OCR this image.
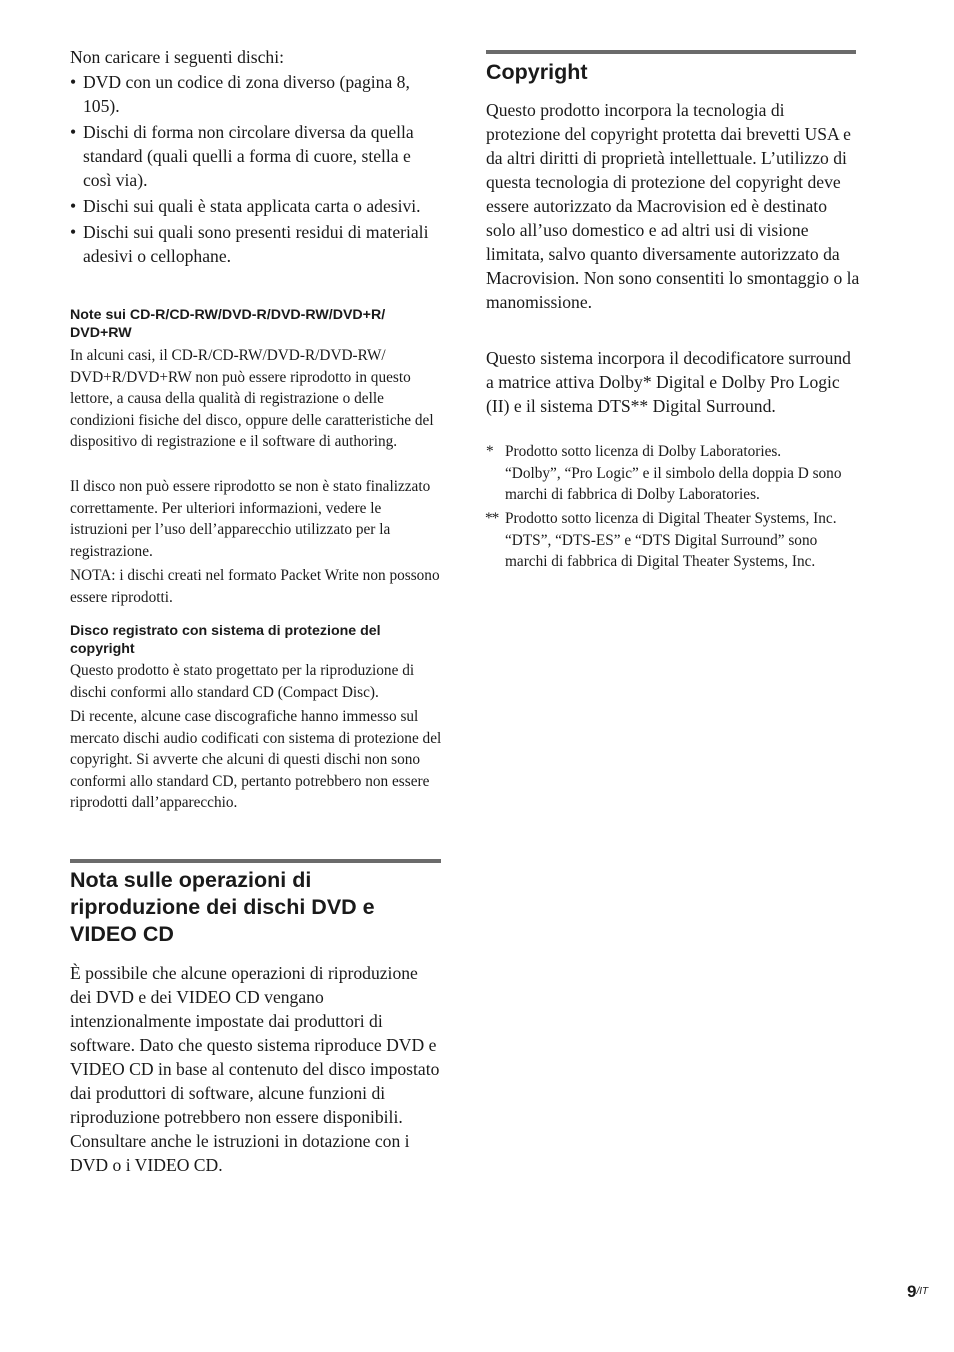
Non caricare i seguenti dischi:

• DVD con un codice di zona diverso (pagina 8, 105).
• Dischi di forma non circolare diversa da quella standard (quali quelli a forma di cuore, stella e così via).
• Dischi sui quali è stata applicata carta o adesivi.
• Dischi sui quali sono presenti residui di materiali adesivi o cellophane.
Note sui CD-R/CD-RW/DVD-R/DVD-RW/DVD+R/ DVD+RW

In alcuni casi, il CD-R/CD-RW/DVD-R/DVD-RW/ DVD+R/DVD+RW non può essere riprodotto in questo lettore, a causa della qualità di registrazione o delle condizioni fisiche del disco, oppure delle caratteristiche del dispositivo di registrazione e il software di authoring.

Il disco non può essere riprodotto se non è stato finalizzato correttamente. Per ulteriori informazioni, vedere le istruzioni per l’uso dell’apparecchio utilizzato per la registrazione.

NOTA: i dischi creati nel formato Packet Write non possono essere riprodotti.

Disco registrato con sistema di protezione del copyright

Questo prodotto è stato progettato per la riproduzione di dischi conformi allo standard CD (Compact Disc).

Di recente, alcune case discografiche hanno immesso sul mercato dischi audio codificati con sistema di protezione del copyright. Si avverte che alcuni di questi dischi non sono conformi allo standard CD, pertanto potrebbero non essere riprodotti dall’apparecchio.

Nota sulle operazioni di riproduzione dei dischi DVD e VIDEO CD

È possibile che alcune operazioni di riproduzione dei DVD e dei VIDEO CD vengano intenzionalmente impostate dai produttori di software. Dato che questo sistema riproduce DVD e VIDEO CD in base al contenuto del disco impostato dai produttori di software, alcune funzioni di riproduzione potrebbero non essere disponibili. Consultare anche le istruzioni in dotazione con i DVD o i VIDEO CD.

Copyright

Questo prodotto incorpora la tecnologia di protezione del copyright protetta dai brevetti USA e da altri diritti di proprietà intellettuale. L’utilizzo di questa tecnologia di protezione del copyright deve essere autorizzato da Macrovision ed è destinato solo all’uso domestico e ad altri usi di visione limitata, salvo quanto diversamente autorizzato da Macrovision. Non sono consentiti lo smontaggio o la manomissione.

Questo sistema incorpora il decodificatore surround a matrice attiva Dolby* Digital e Dolby Pro Logic (II) e il sistema DTS** Digital Surround.

* Prodotto sotto licenza di Dolby Laboratories.
“Dolby”, “Pro Logic” e il simbolo della doppia D sono marchi di fabbrica di Dolby Laboratories.
** Prodotto sotto licenza di Digital Theater Systems, Inc.
“DTS”, “DTS-ES” e “DTS Digital Surround” sono marchi di fabbrica di Digital Theater Systems, Inc.
$9^{/IT}$
